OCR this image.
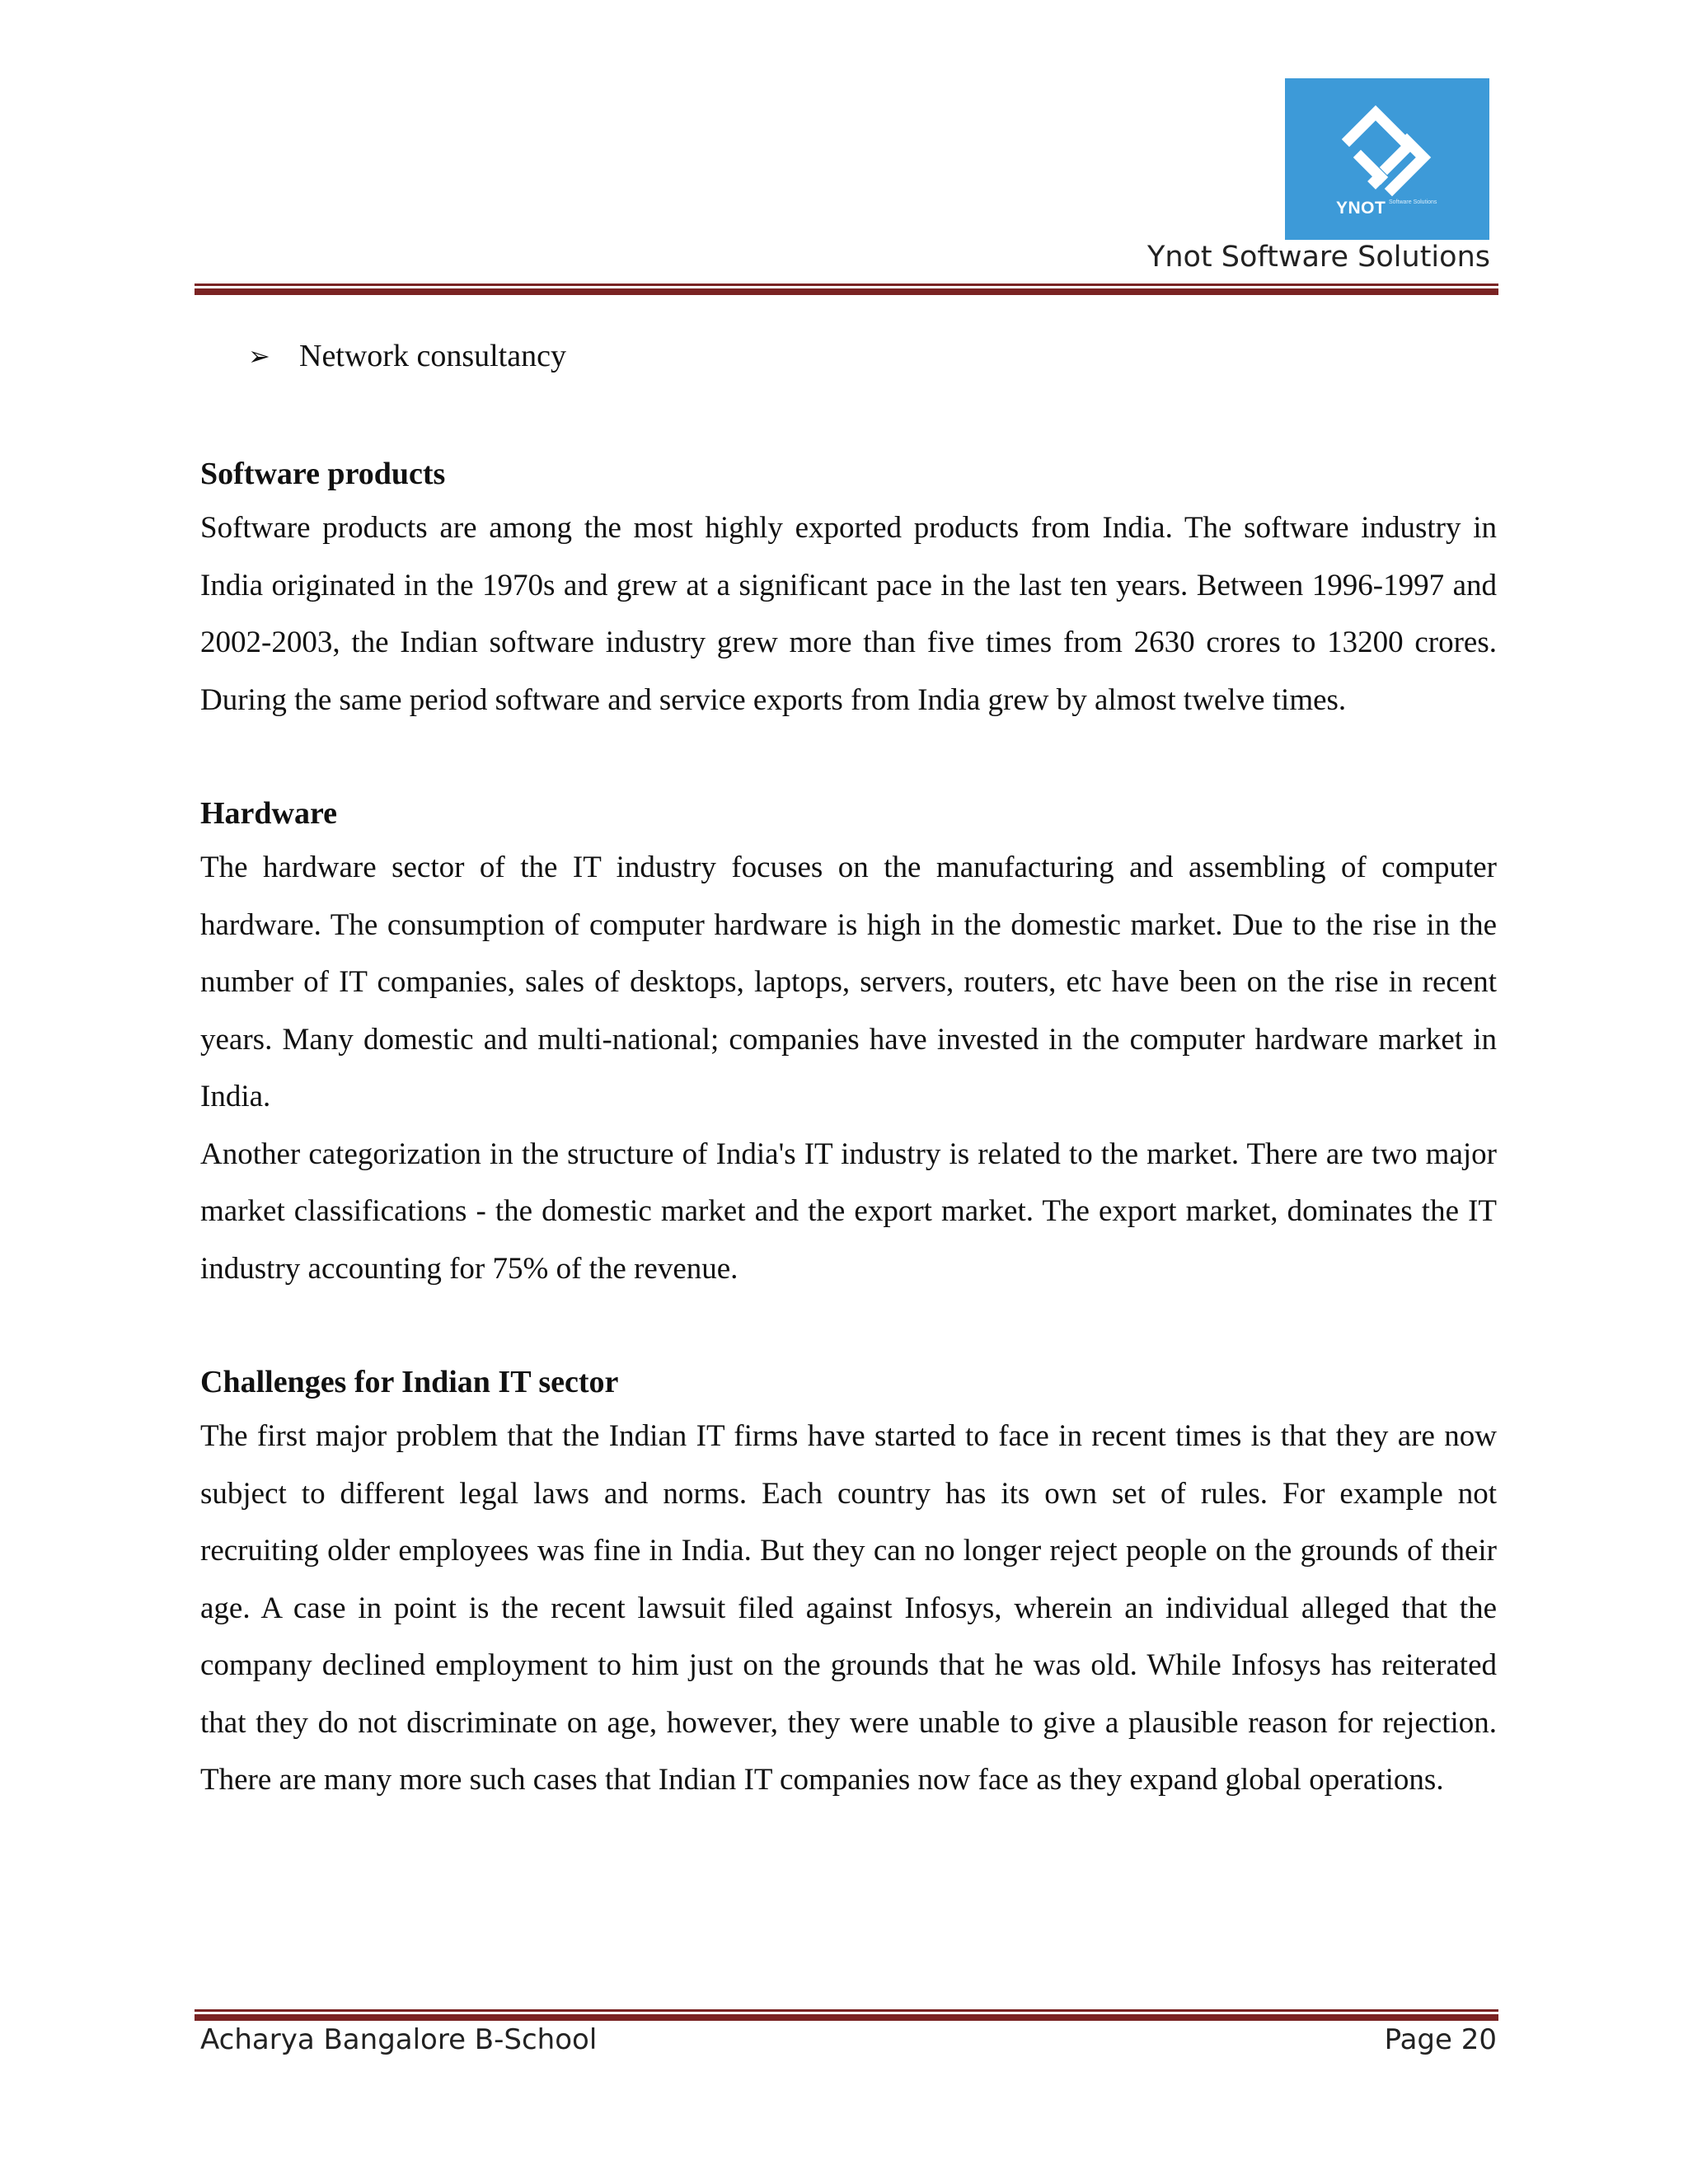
YNOT Software Solutions
Ynot Software Solutions
➢ Network consultancy
Software products

Software products are among the most highly exported products from India. The software industry in India originated in the 1970s and grew at a significant pace in the last ten years. Between 1996-1997 and 2002-2003, the Indian software industry grew more than five times from 2630 crores to 13200 crores. During the same period software and service exports from India grew by almost twelve times.

Hardware

The hardware sector of the IT industry focuses on the manufacturing and assembling of computer hardware. The consumption of computer hardware is high in the domestic market. Due to the rise in the number of IT companies, sales of desktops, laptops, servers, routers, etc have been on the rise in recent years. Many domestic and multi-national; companies have invested in the computer hardware market in India.

Another categorization in the structure of India's IT industry is related to the market. There are two major market classifications - the domestic market and the export market. The export market, dominates the IT industry accounting for 75% of the revenue.

Challenges for Indian IT sector

The first major problem that the Indian IT firms have started to face in recent times is that they are now subject to different legal laws and norms. Each country has its own set of rules. For example not recruiting older employees was fine in India. But they can no longer reject people on the grounds of their age. A case in point is the recent lawsuit filed against Infosys, wherein an individual alleged that the company declined employment to him just on the grounds that he was old. While Infosys has reiterated that they do not discriminate on age, however, they were unable to give a plausible reason for rejection. There are many more such cases that Indian IT companies now face as they expand global operations.

Acharya Bangalore B-School	Page 20
